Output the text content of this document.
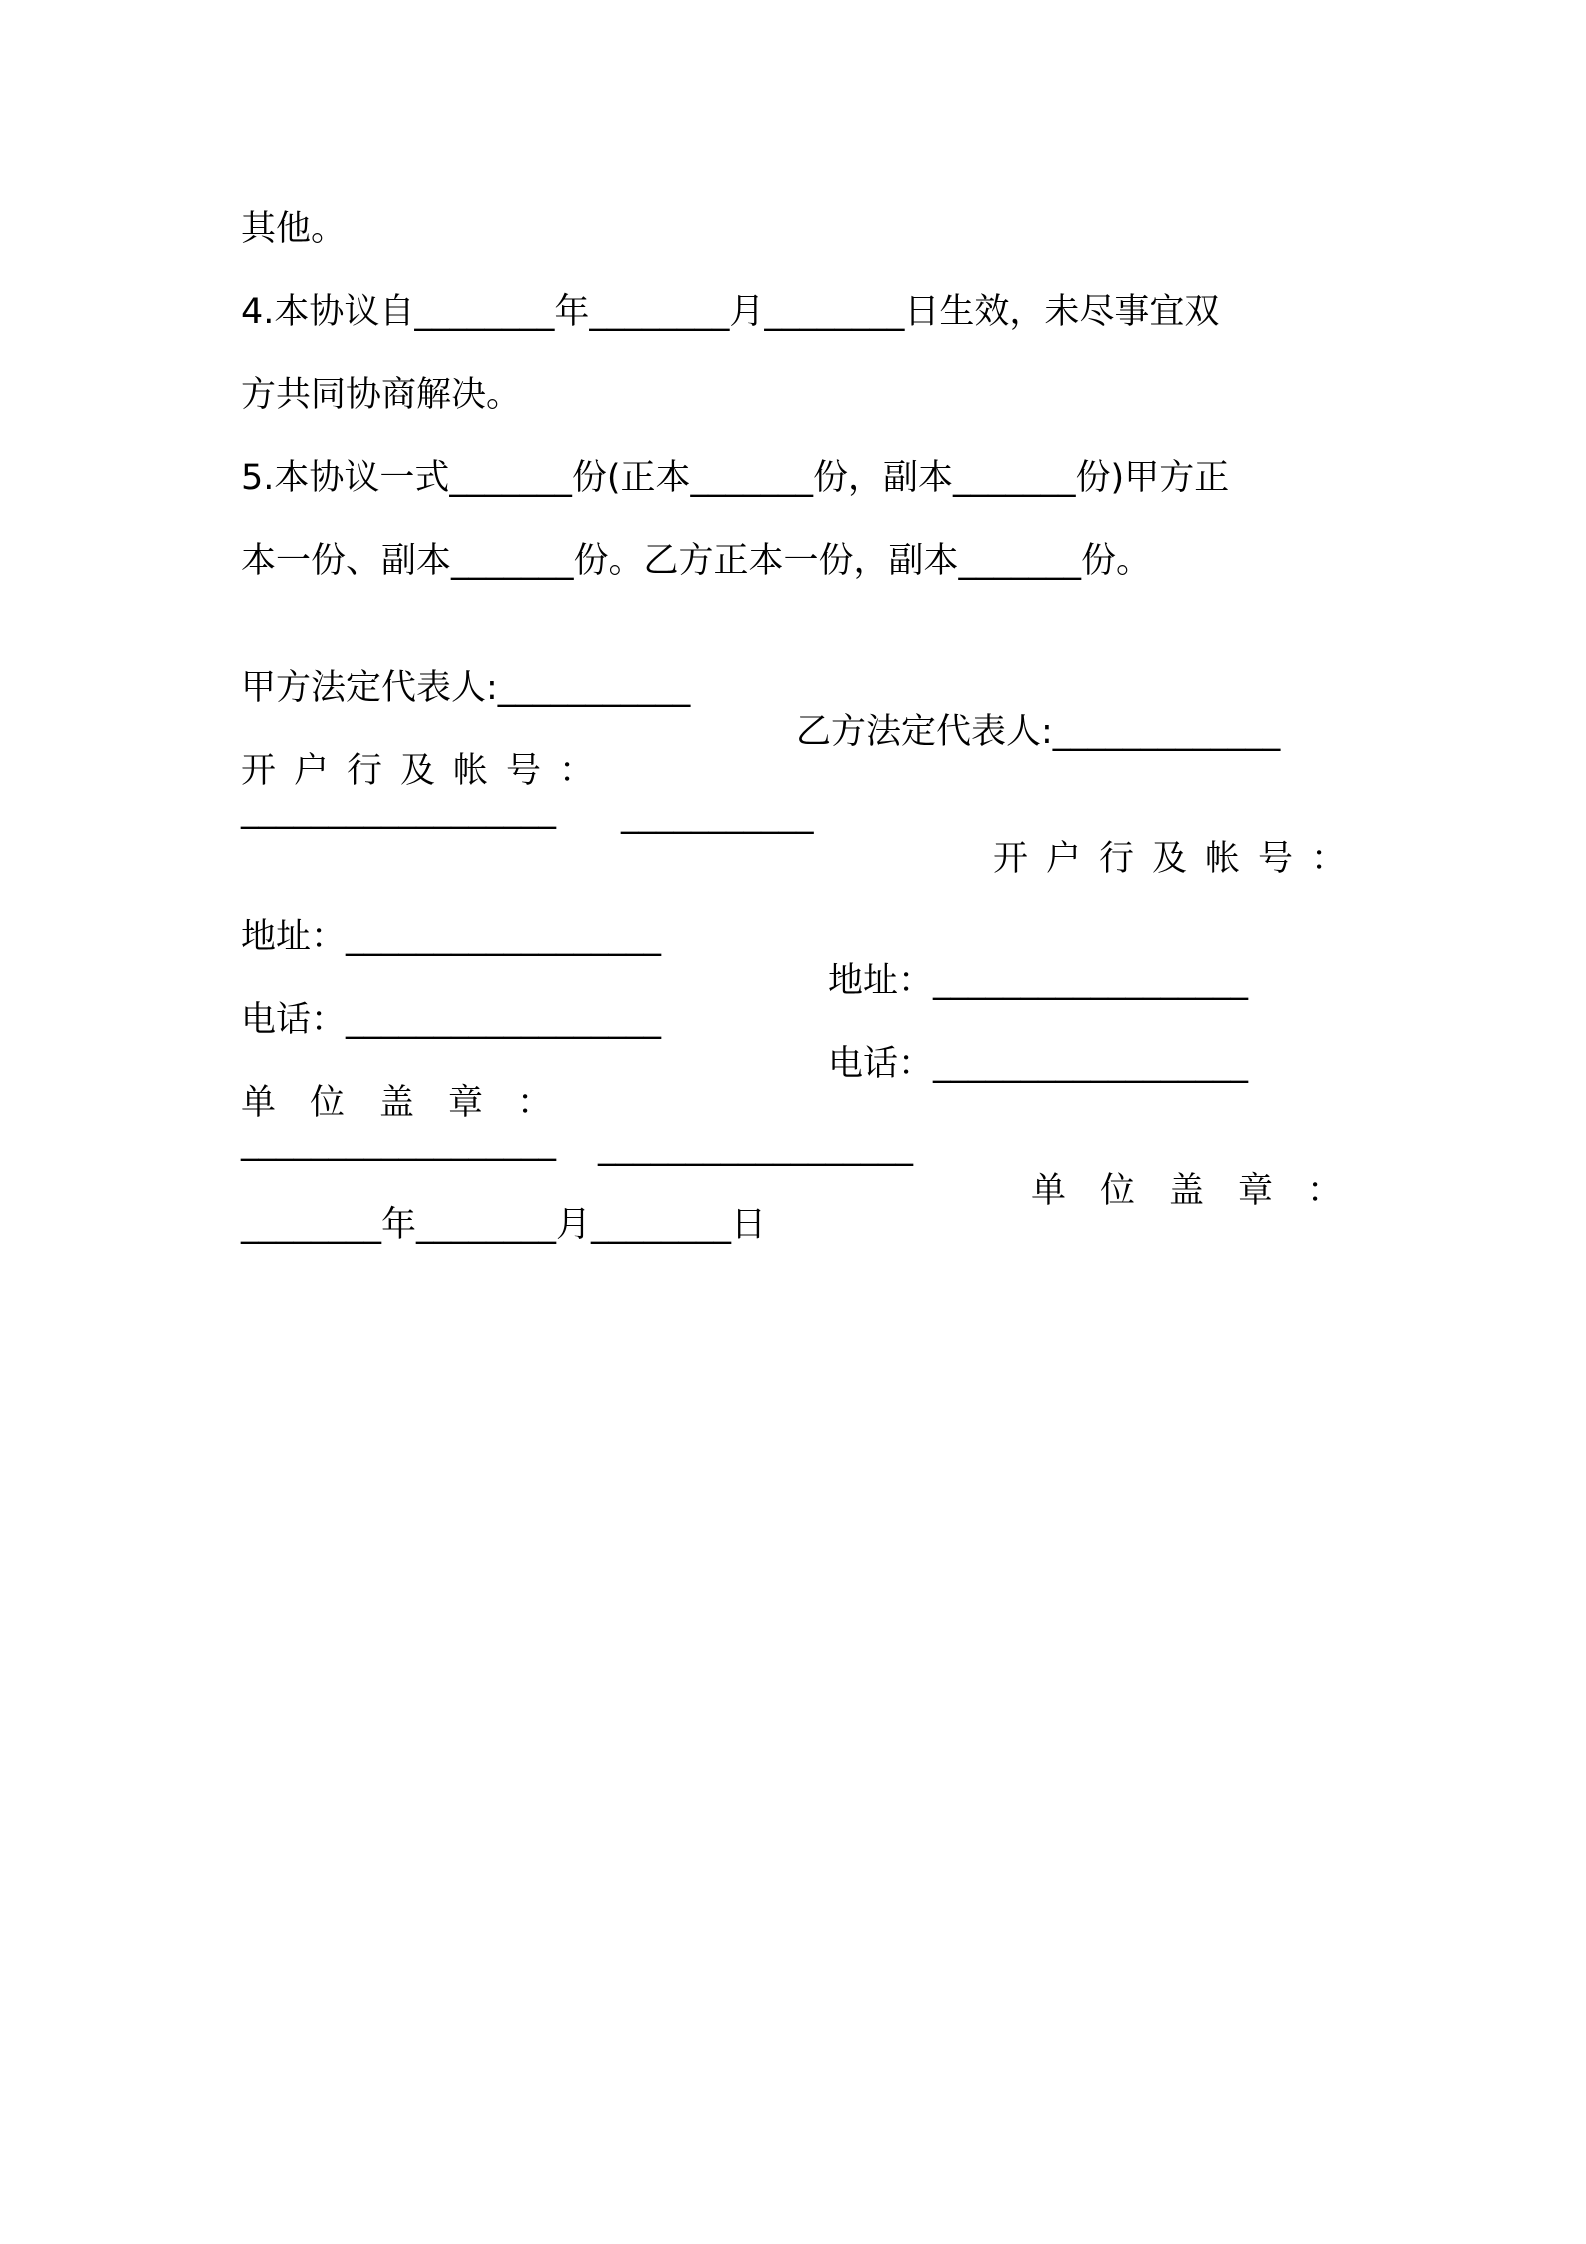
其他。
4.本协议自________年________月________日生效，未尽事宜双
方共同协商解决。
5.本协议一式_______份(正本_______份，副本_______份)甲方正
本一份、副本_______份。乙方正本一份，副本_______份。

甲方法定代表人:___________

乙方法定代表人:_____________

开户行及帐号：

___________

开户行及帐号：

__________________

地址：__________________

地址：__________________

电话：__________________

电话：__________________

单位盖章：

__________________

单位盖章：

__________________
________年________月________日
